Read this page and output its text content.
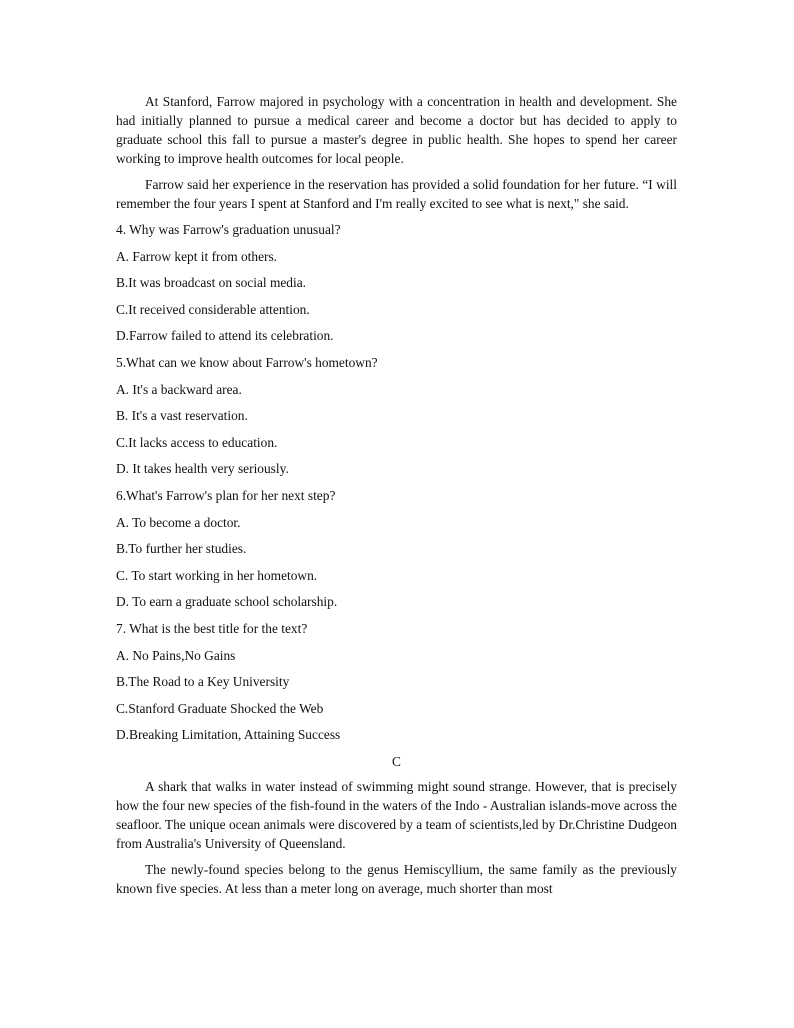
At Stanford, Farrow majored in psychology with a concentration in health and development. She had initially planned to pursue a medical career and become a doctor but has decided to apply to graduate school this fall to pursue a master's degree in public health. She hopes to spend her career working to improve health outcomes for local people.

Farrow said her experience in the reservation has provided a solid foundation for her future. “I will remember the four years I spent at Stanford and I'm really excited to see what is next," she said.

4. Why was Farrow's graduation unusual?
A. Farrow kept it from others.
B.It was broadcast on social media.
C.It received considerable attention.
D.Farrow failed to attend its celebration.
5.What can we know about Farrow's hometown?
A. It's a backward area.
B. It's a vast reservation.
C.It lacks access to education.
D. It takes health very seriously.
6.What's Farrow's plan for her next step?
A. To become a doctor.
B.To further her studies.
C. To start working in her hometown.
D. To earn a graduate school scholarship.
7. What is the best title for the text?
A. No Pains,No Gains
B.The Road to a Key University
C.Stanford Graduate Shocked the Web
D.Breaking Limitation, Attaining Success
C

A shark that walks in water instead of swimming might sound strange. However, that is precisely how the four new species of the fish-found in the waters of the Indo - Australian islands-move across the seafloor. The unique ocean animals were discovered by a team of scientists,led by Dr.Christine Dudgeon from Australia's University of Queensland.

The newly-found species belong to the genus Hemiscyllium, the same family as the previously known five species. At less than a meter long on average, much shorter than most
